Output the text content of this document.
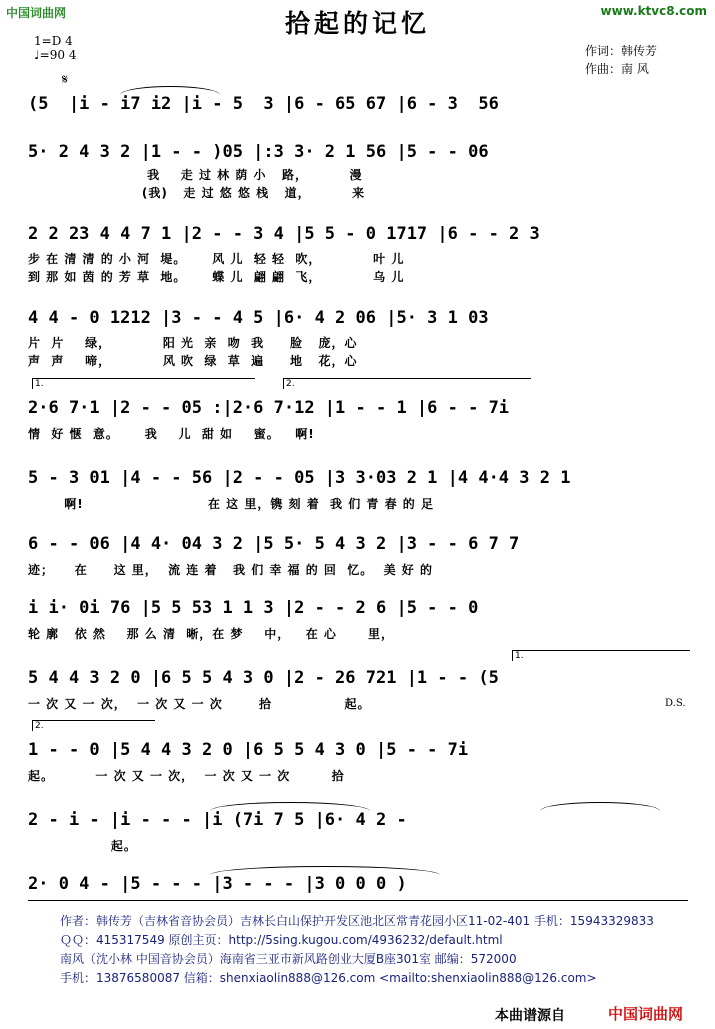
中国词曲网	www.ktvc8.com
拾起的记忆
1=D 4
♩=90 4	作词：韩传芳
作曲：南 风
𝄋
(5  |i - i7 i2 |i - 5  3 |6 - 65 67 |6 - 3  56
5· 2 4 3 2 |1 - - )05 |:3 3· 2 1 56 |5 - - 06
我    走 过 林 荫 小   路，        漫
(我)   走 过 悠 悠 栈   道，        来
2 2 23 4 4 7 1 |2 - - 3 4 |5 5 - 0 1717 |6 - - 2 3
步 在 清 清 的 小 河  堤。     风 儿  轻 轻  吹，          叶 儿
到 那 如 茵 的 芳 草  地。     蝶 儿  翩 翩  飞，          乌 儿
4 4 - 0 1212 |3 - - 4 5 |6· 4 2 06 |5· 3 1 03
片  片    绿，          阳 光  亲  吻  我     脸   庞，心
声  声    啼，          风 吹  绿  草  遍     地   花，心
1.	2.
2·6 7·1 |2 - - 05 :|2·6 7·12 |1 - - 1 |6 - - 7i
情  好 惬  意。     我    儿  甜 如    蜜。   啊!
5 - 3 01 |4 - - 56 |2 - - 05 |3 3·03 2 1 |4 4·4 3 2 1
啊!                        在 这 里，镌 刻 着  我 们 青 春 的 足
6 - - 06 |4 4· 04 3 2 |5 5· 5 4 3 2 |3 - - 6 7 7
迹；    在     这 里，  流 连 着   我 们 幸 福 的 回  忆。  美 好 的
i i· 0i 76 |5 5 53 1 1 3 |2 - - 2 6 |5 - - 0
轮 廓   依 然    那 么 清  晰，在 梦    中，   在 心      里，
1.
5 4 4 3 2 0 |6 5 5 4 3 0 |2 - 26 721 |1 - - (5
一 次 又 一 次，  一 次 又 一 次       拾              起。	D.S.
2.
1 - - 0 |5 4 4 3 2 0 |6 5 5 4 3 0 |5 - - 7i
起。        一 次 又 一 次，  一 次 又 一 次        拾
2 - i - |i - - - |i (7i 7 5 |6· 4 2 -
起。
2· 0 4 - |5 - - - |3 - - - |3 0 0 0 )
作者：韩传芳（吉林省音协会员）吉林长白山保护开发区池北区常青花园小区11-02-401 手机：15943329833
ＱＱ：415317549 原创主页：http://5sing.kugou.com/4936232/default.html
南风（沈小林 中国音协会员）海南省三亚市新风路创业大厦B座301室 邮编：572000
手机：13876580087 信箱：shenxiaolin888@126.com <mailto:shenxiaolin888@126.com>
本曲谱源自	中国词曲网
